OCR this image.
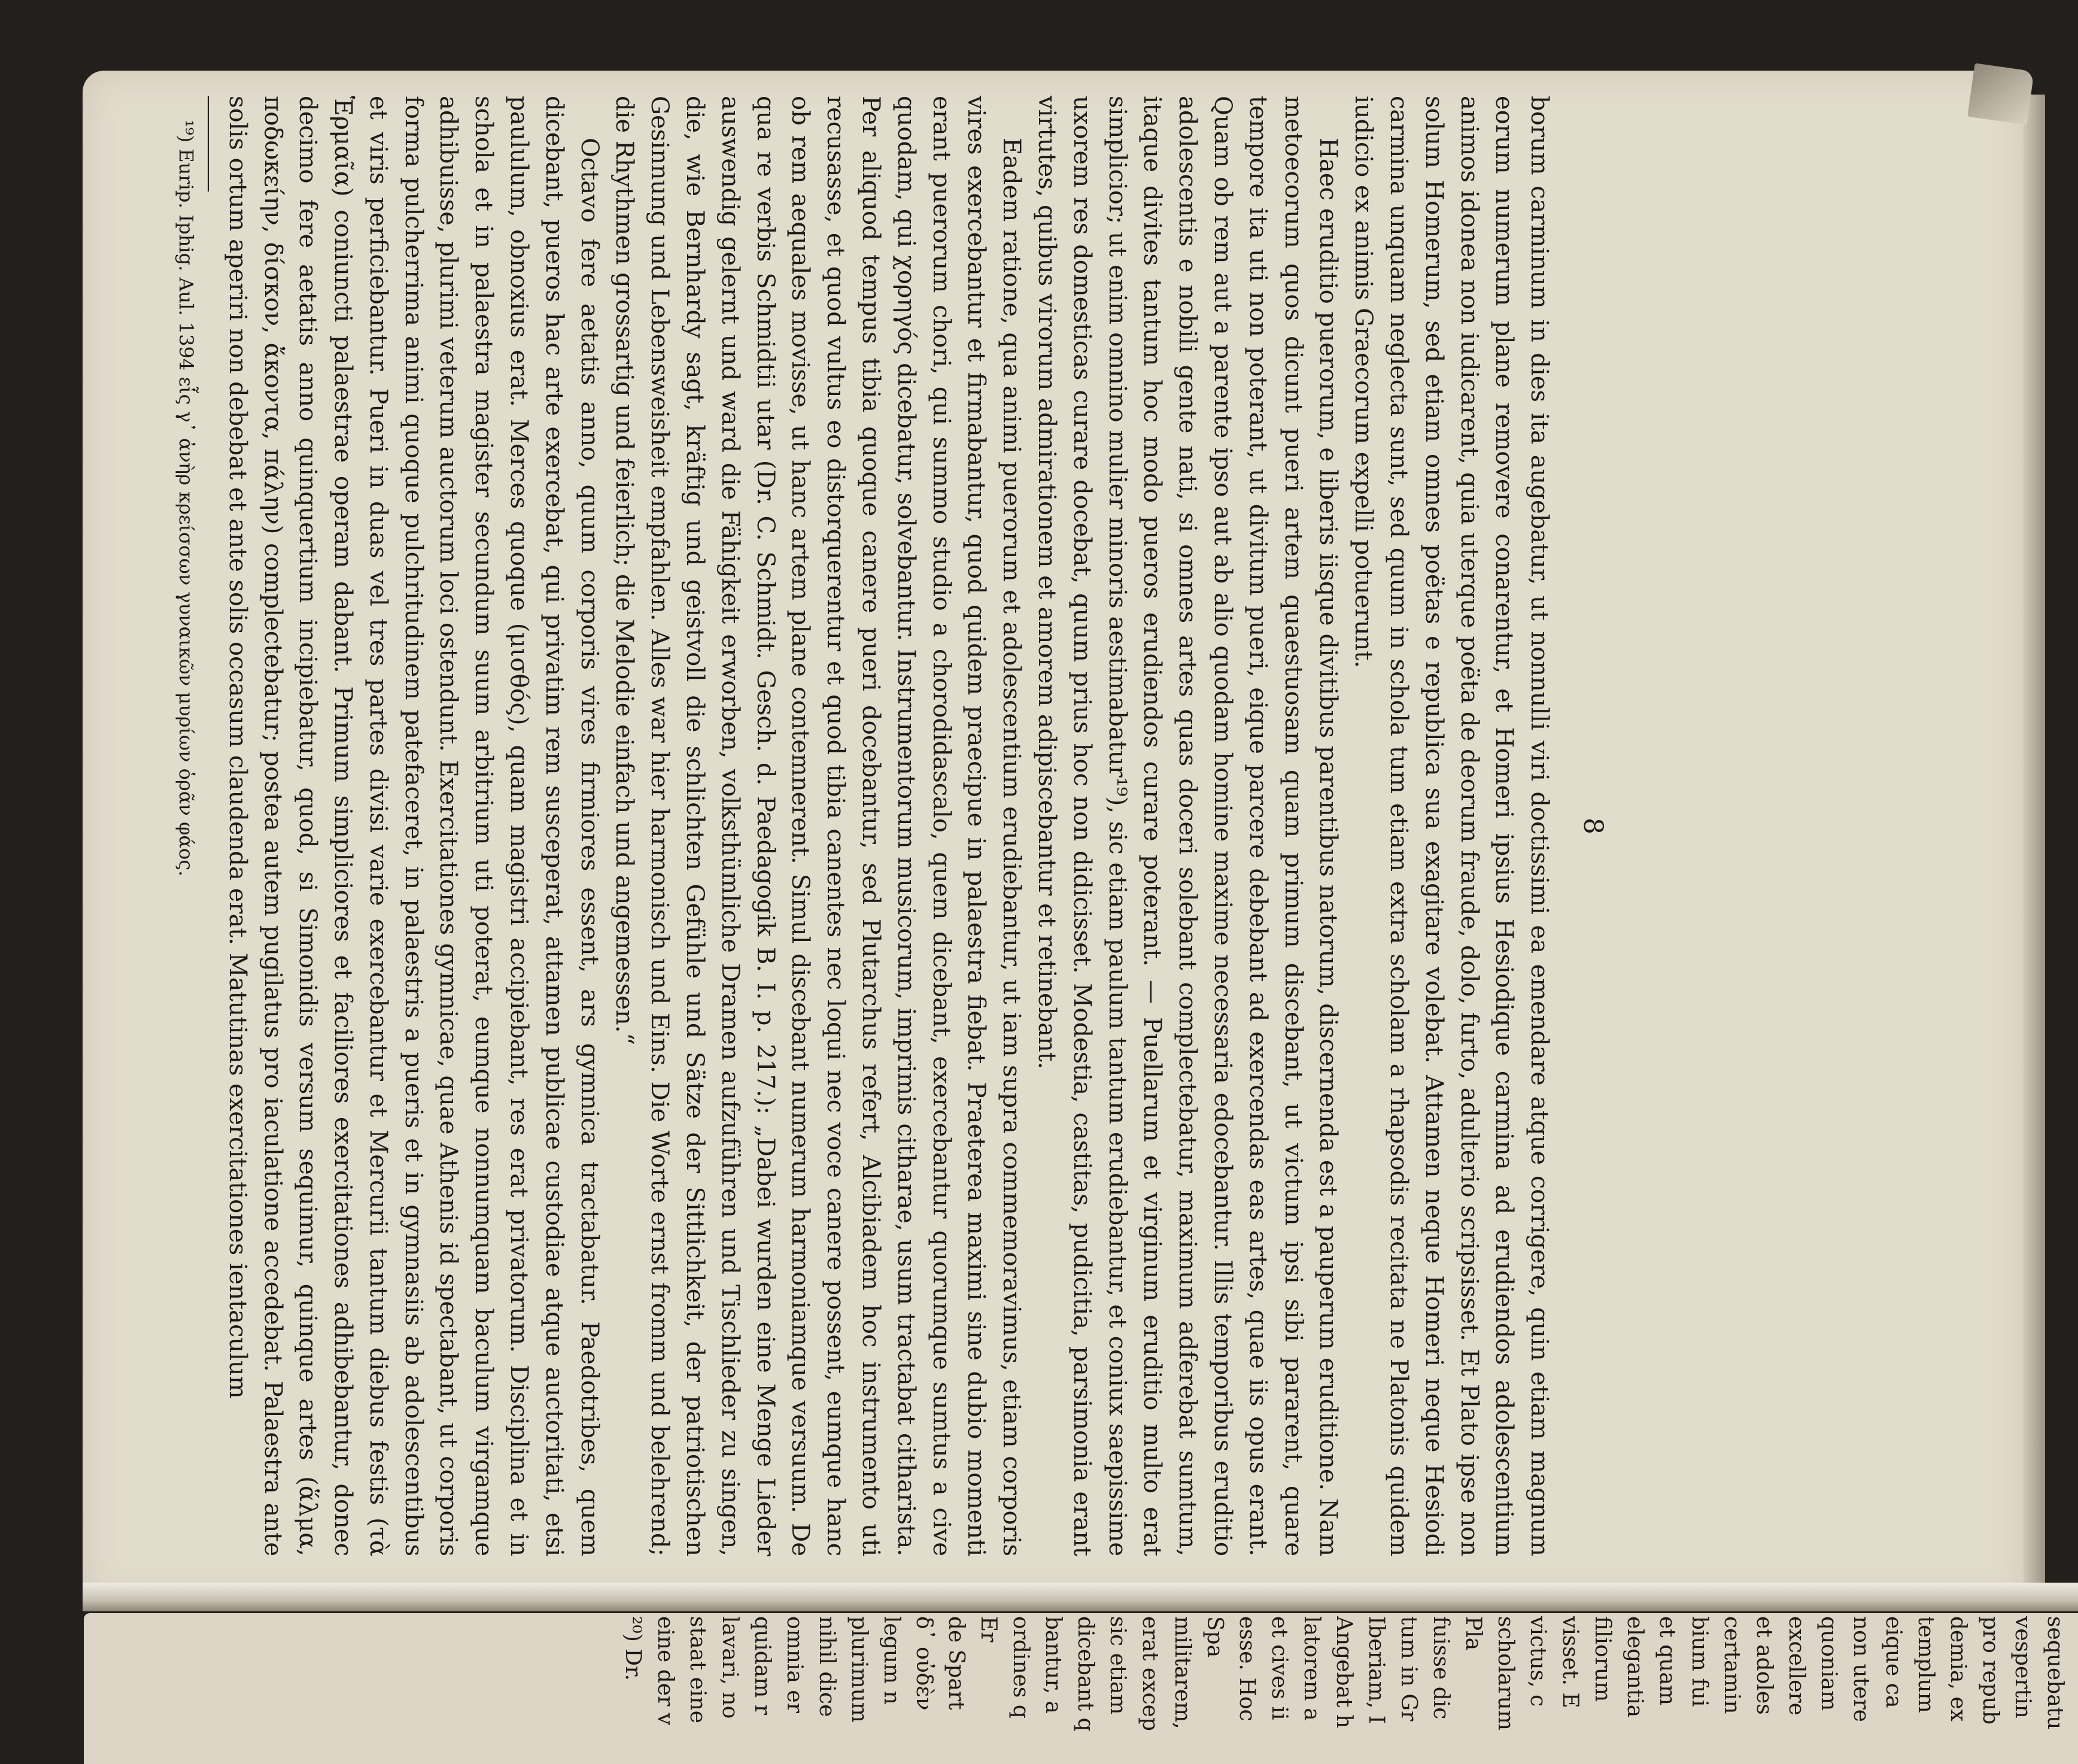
8

borum carminum in dies ita augebatur, ut nonnulli viri doctissimi ea emendare atque corrigere, quin etiam magnum eorum numerum plane removere conarentur, et Homeri ipsius Hesiodique carmina ad erudiendos adolescentium animos idonea non iudicarent, quia uterque poëta de deorum fraude, dolo, furto, adulterio scripsisset. Et Plato ipse non solum Homerum, sed etiam omnes poëtas e republica sua exagitare volebat. Attamen neque Homeri neque Hesiodi carmina unquam neglecta sunt, sed quum in schola tum etiam extra scholam a rhapsodis recitata ne Platonis quidem iudicio ex animis Graecorum expelli potuerunt.

Haec eruditio puerorum, e liberis iisque divitibus parentibus natorum, discernenda est a pauperum eruditione. Nam metoecorum quos dicunt pueri artem quaestuosam quam primum discebant, ut victum ipsi sibi pararent, quare tempore ita uti non poterant, ut divitum pueri, eique parcere debebant ad exercendas eas artes, quae iis opus erant. Quam ob rem aut a parente ipso aut ab alio quodam homine maxime necessaria edocebantur. Illis temporibus eruditio adolescentis e nobili gente nati, si omnes artes quas doceri solebant complectebatur, maximum adferebat sumtum, itaque divites tantum hoc modo pueros erudiendos curare poterant. — Puellarum et virginum eruditio multo erat simplicior; ut enim omnino mulier minoris aestimabatur¹⁹), sic etiam paulum tantum erudiebantur, et coniux saepissime uxorem res domesticas curare docebat, quum prius hoc non didicisset. Modestia, castitas, pudicitia, parsimonia erant virtutes, quibus virorum admirationem et amorem adipiscebantur et retinebant.

Eadem ratione, qua animi puerorum et adolescentium erudiebantur, ut iam supra commemoravimus, etiam corporis vires exercebantur et firmabantur, quod quidem praecipue in palaestra fiebat. Praeterea maximi sine dubio momenti erant puerorum chori, qui summo studio a chorodidascalo, quem dicebant, exercebantur quorumque sumtus a cive quodam, qui χορηγός dicebatur, solvebantur. Instrumentorum musicorum, imprimis citharae, usum tractabat citharista. Per aliquod tempus tibia quoque canere pueri docebantur, sed Plutarchus refert, Alcibiadem hoc instrumento uti recusasse, et quod vultus eo distorquerentur et quod tibia canentes nec loqui nec voce canere possent, eumque hanc ob rem aequales movisse, ut hanc artem plane contemnerent. Simul discebant numerum harmoniamque versuum. De qua re verbis Schmidtii utar (Dr. C. Schmidt. Gesch. d. Paedagogik B. I. p. 217.): „Dabei wurden eine Menge Lieder auswendig gelernt und ward die Fähigkeit erworben, volksthümliche Dramen aufzuführen und Tischlieder zu singen, die, wie Bernhardy sagt, kräftig und geistvoll die schlichten Gefühle und Sätze der Sittlichkeit, der patriotischen Gesinnung und Lebensweisheit empfahlen. Alles war hier harmonisch und Eins. Die Worte ernst fromm und belehrend; die Rhythmen grossartig und feierlich; die Melodie einfach und angemessen.“

Octavo fere aetatis anno, quum corporis vires firmiores essent, ars gymnica tractabatur. Paedotribes, quem dicebant, pueros hac arte exercebat, qui privatim rem susceperat, attamen publicae custodiae atque auctoritati, etsi paululum, obnoxius erat. Merces quoque (μισθός), quam magistri accipiebant, res erat privatorum. Disciplina et in schola et in palaestra magister secundum suum arbitrium uti poterat, eumque nonnumquam baculum virgamque adhibuisse, plurimi veterum auctorum loci ostendunt. Exercitationes gymnicae, quae Athenis id spectabant, ut corporis forma pulcherrima animi quoque pulchritudinem patefaceret, in palaestris a pueris et in gymnasiis ab adolescentibus et viris perficiebantur. Pueri in duas vel tres partes divisi varie exercebantur et Mercurii tantum diebus festis (τὰ Ἑρμαῖα) coniuncti palaestrae operam dabant. Primum simpliciores et faciliores exercitationes adhibebantur, donec decimo fere aetatis anno quinquertium incipiebatur, quod, si Simonidis versum sequimur, quinque artes (ἅλμα, ποδωκείην, δίσκον, ἄκοντα, πάλην) complectebatur; postea autem pugilatus pro iaculatione accedebat. Palaestra ante solis ortum aperiri non debebat et ante solis occasum claudenda erat. Matutinas exercitationes ientaculum

¹⁹) Eurip. Iphig. Aul. 1394 εἷς γ᾽ ἀνὴρ κρείσσων γυναικῶν μυρίων ὁρᾶν φάος.

sequebatu
vespertin
pro repub
demia, ex
templum
eique ca
non utere
quoniam
excellere
et adoles
certamin
bium fui
et quam
elegantia
filiorum
visset. E
victus, c
scholarum
Pla
fuisse dic
tum in Gr
Iberiam, I
Angebat h
latorem a
et cives ii
esse. Hoc
Spa
militarem,
erat excep
sic etiam
dicebant q
bantur, a
ordines q
Er
de Spart
δ᾽ οὐδὲν
legum n
plurimum
nihil dice
omnia er
quidam r
lavari, no
staat eine
eine der v
²⁰) Dr.
